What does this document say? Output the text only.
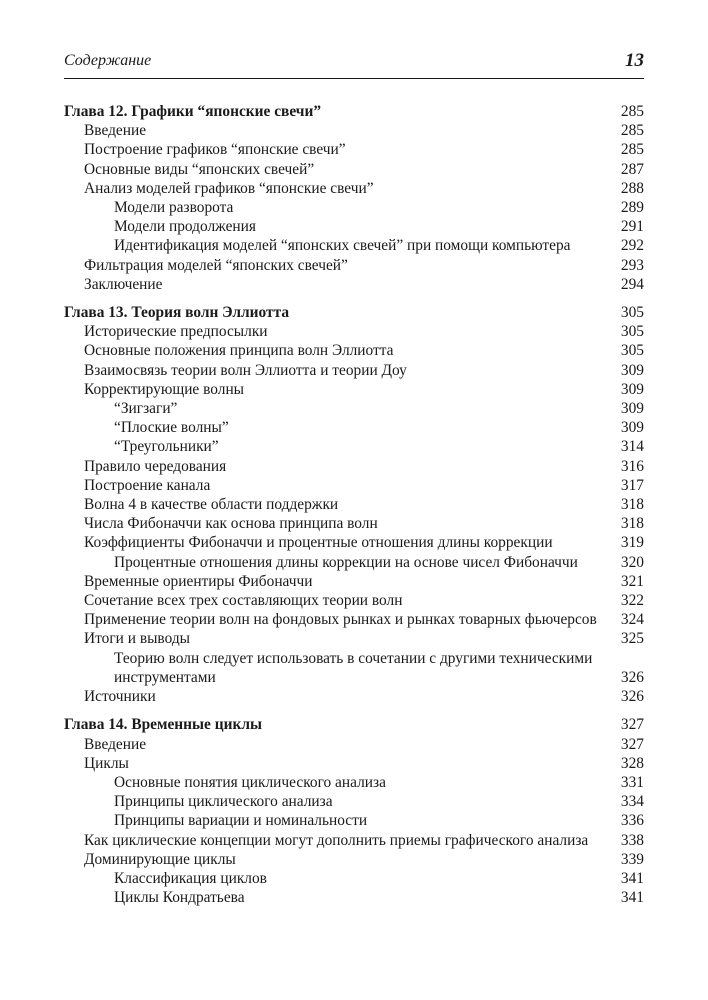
Содержание	13
Глава 12. Графики “японские свечи”	285
Введение	285
Построение графиков “японские свечи”	285
Основные виды “японских свечей”	287
Анализ моделей графиков “японские свечи”	288
Модели разворота	289
Модели продолжения	291
Идентификация моделей “японских свечей” при помощи компьютера	292
Фильтрация моделей “японских свечей”	293
Заключение	294
Глава 13. Теория волн Эллиотта	305
Исторические предпосылки	305
Основные положения принципа волн Эллиотта	305
Взаимосвязь теории волн Эллиотта и теории Доу	309
Корректирующие волны	309
“Зигзаги”	309
“Плоские волны”	309
“Треугольники”	314
Правило чередования	316
Построение канала	317
Волна 4 в качестве области поддержки	318
Числа Фибоначчи как основа принципа волн	318
Коэффициенты Фибоначчи и процентные отношения длины коррекции	319
Процентные отношения длины коррекции на основе чисел Фибоначчи	320
Временные ориентиры Фибоначчи	321
Сочетание всех трех составляющих теории волн	322
Применение теории волн на фондовых рынках и рынках товарных фьючерсов	324
Итоги и выводы	325
Теорию волн следует использовать в сочетании с другими техническими инструментами	326
Источники	326
Глава 14. Временные циклы	327
Введение	327
Циклы	328
Основные понятия циклического анализа	331
Принципы циклического анализа	334
Принципы вариации и номинальности	336
Как циклические концепции могут дополнить приемы графического анализа	338
Доминирующие циклы	339
Классификация циклов	341
Циклы Кондратьева	341
